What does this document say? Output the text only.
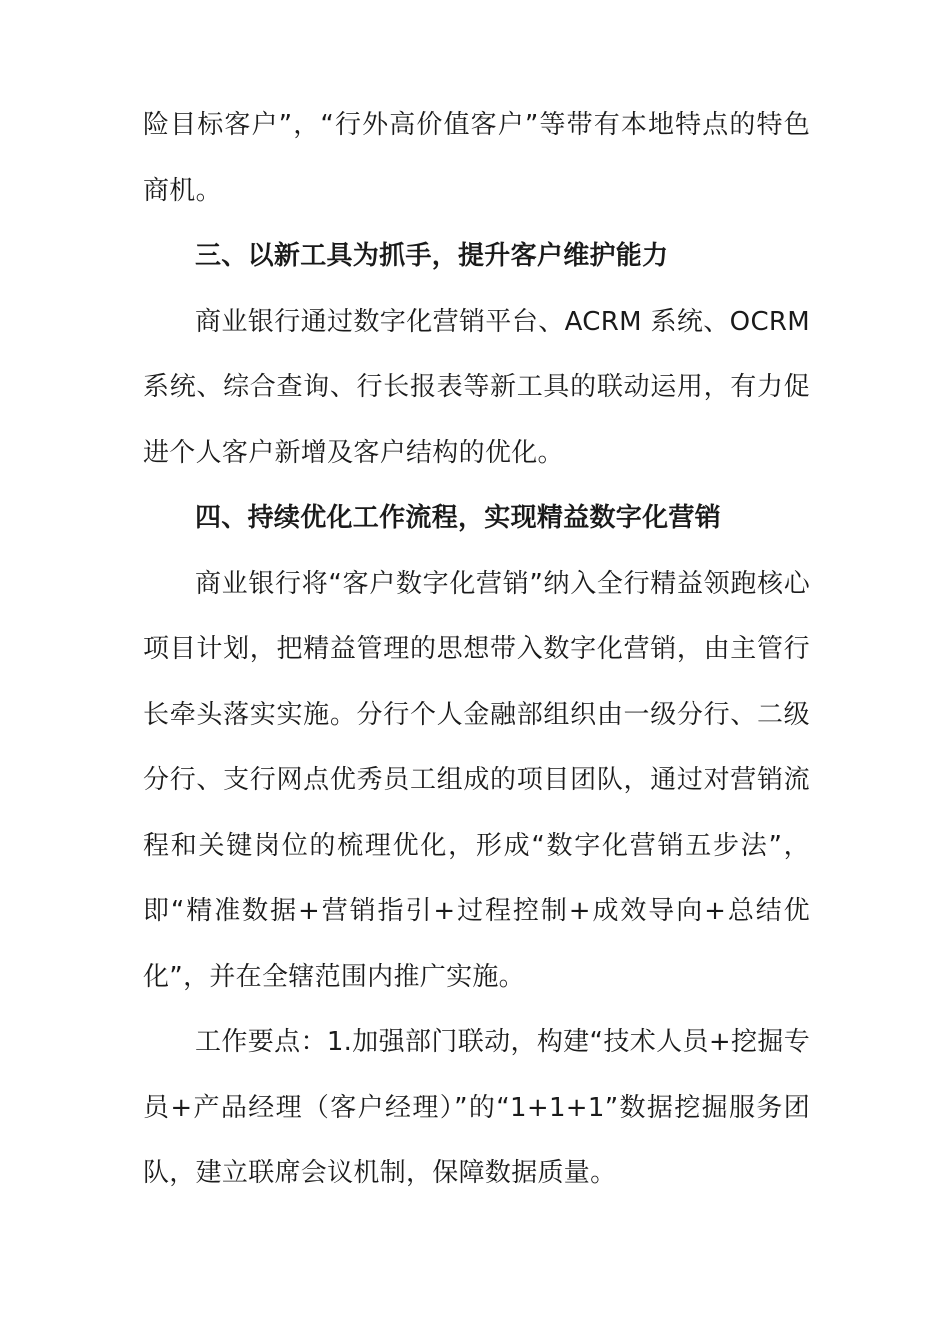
险目标客户”，“行外高价值客户”等带有本地特点的特色商机。

三、以新工具为抓手，提升客户维护能力

商业银行通过数字化营销平台、ACRM 系统、OCRM 系统、综合查询、行长报表等新工具的联动运用，有力促进个人客户新增及客户结构的优化。

四、持续优化工作流程，实现精益数字化营销

商业银行将“客户数字化营销”纳入全行精益领跑核心项目计划，把精益管理的思想带入数字化营销，由主管行长牵头落实实施。分行个人金融部组织由一级分行、二级分行、支行网点优秀员工组成的项目团队，通过对营销流程和关键岗位的梳理优化，形成“数字化营销五步法”，即“精准数据+营销指引+过程控制+成效导向+总结优化”，并在全辖范围内推广实施。

工作要点：1.加强部门联动，构建“技术人员+挖掘专员+产品经理（客户经理）”的“1+1+1”数据挖掘服务团队，建立联席会议机制，保障数据质量。
